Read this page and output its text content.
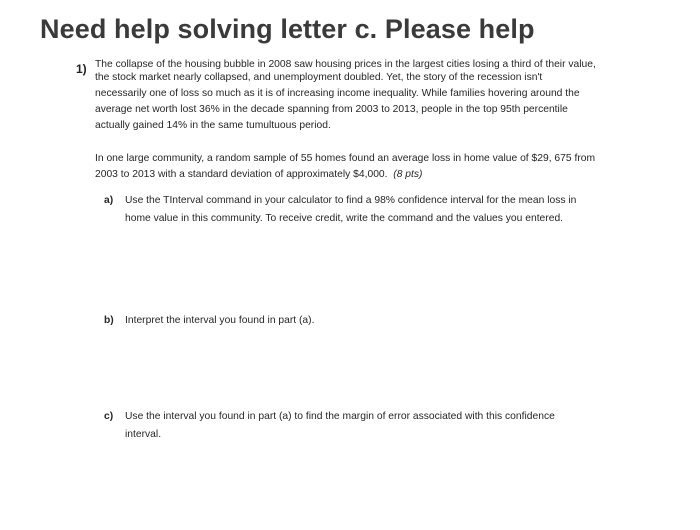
Need help solving letter c. Please help
1) The collapse of the housing bubble in 2008 saw housing prices in the largest cities losing a third of their value,
the stock market nearly collapsed, and unemployment doubled. Yet, the story of the recession isn't
necessarily one of loss so much as it is of increasing income inequality. While families hovering around the
average net worth lost 36% in the decade spanning from 2003 to 2013, people in the top 95th percentile
actually gained 14% in the same tumultuous period.
In one large community, a random sample of 55 homes found an average loss in home value of $29, 675 from
2003 to 2013 with a standard deviation of approximately $4,000. (8 pts)
a) Use the TInterval command in your calculator to find a 98% confidence interval for the mean loss in
home value in this community. To receive credit, write the command and the values you entered.
b) Interpret the interval you found in part (a).
c) Use the interval you found in part (a) to find the margin of error associated with this confidence
interval.
